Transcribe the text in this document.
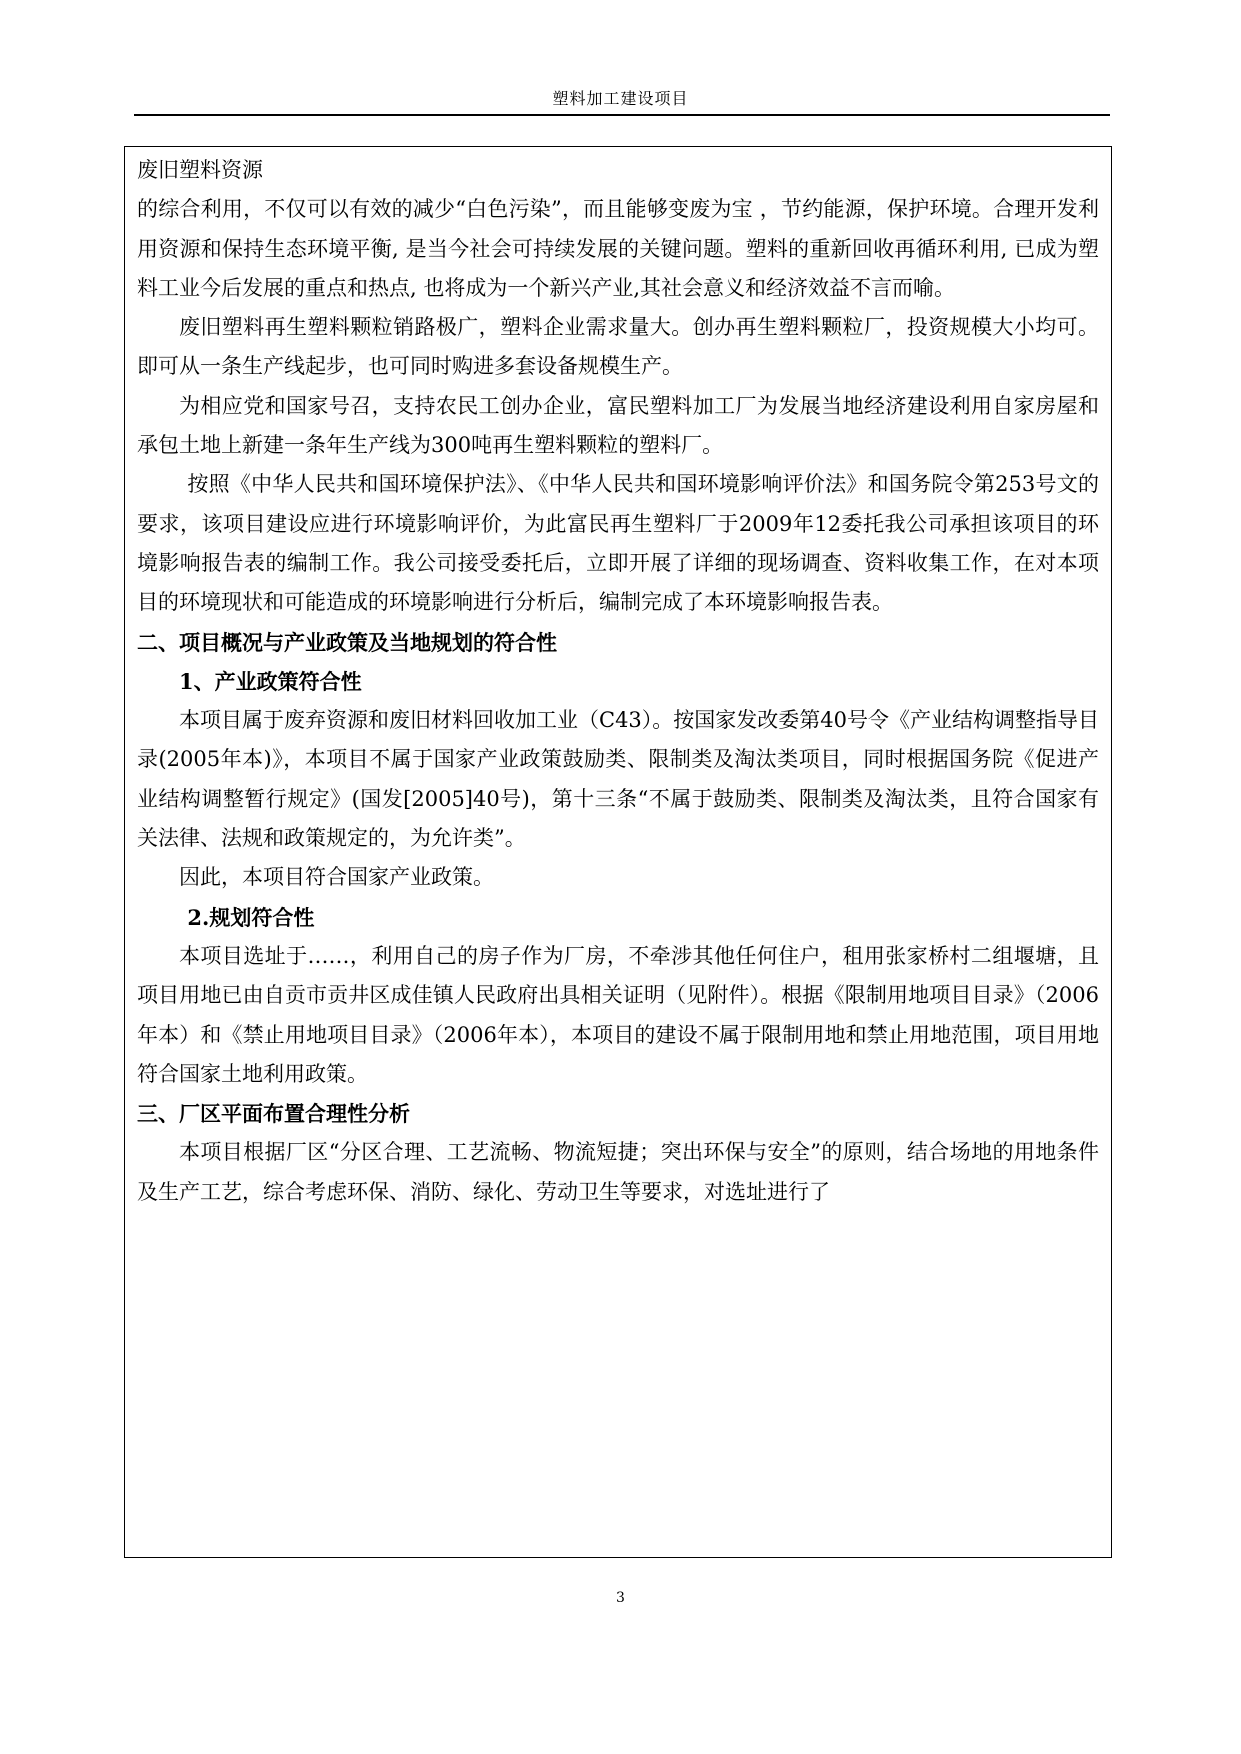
塑料加工建设项目

废旧塑料资源

的综合利用，不仅可以有效的减少“白色污染”，而且能够变废为宝 ，节约能源，保护环境。合理开发利用资源和保持生态环境平衡, 是当今社会可持续发展的关键问题。塑料的重新回收再循环利用, 已成为塑料工业今后发展的重点和热点, 也将成为一个新兴产业,其社会意义和经济效益不言而喻。

废旧塑料再生塑料颗粒销路极广，塑料企业需求量大。创办再生塑料颗粒厂，投资规模大小均可。即可从一条生产线起步，也可同时购进多套设备规模生产。

为相应党和国家号召，支持农民工创办企业，富民塑料加工厂为发展当地经济建设利用自家房屋和承包土地上新建一条年生产线为300吨再生塑料颗粒的塑料厂。

按照《中华人民共和国环境保护法》、《中华人民共和国环境影响评价法》和国务院令第253号文的要求，该项目建设应进行环境影响评价，为此富民再生塑料厂于2009年12委托我公司承担该项目的环境影响报告表的编制工作。我公司接受委托后，立即开展了详细的现场调查、资料收集工作，在对本项目的环境现状和可能造成的环境影响进行分析后，编制完成了本环境影响报告表。

二、项目概况与产业政策及当地规划的符合性

1、产业政策符合性

本项目属于废弃资源和废旧材料回收加工业（C43）。按国家发改委第40号令《产业结构调整指导目录(2005年本)》，本项目不属于国家产业政策鼓励类、限制类及淘汰类项目，同时根据国务院《促进产业结构调整暂行规定》(国发[2005]40号)，第十三条“不属于鼓励类、限制类及淘汰类，且符合国家有关法律、法规和政策规定的，为允许类”。

因此，本项目符合国家产业政策。

2.规划符合性

本项目选址于……，利用自己的房子作为厂房，不牵涉其他任何住户，租用张家桥村二组堰塘，且项目用地已由自贡市贡井区成佳镇人民政府出具相关证明（见附件）。根据《限制用地项目目录》（2006年本）和《禁止用地项目目录》（2006年本），本项目的建设不属于限制用地和禁止用地范围，项目用地符合国家土地利用政策。

三、厂区平面布置合理性分析

本项目根据厂区“分区合理、工艺流畅、物流短捷；突出环保与安全”的原则，结合场地的用地条件及生产工艺，综合考虑环保、消防、绿化、劳动卫生等要求，对选址进行了

3
